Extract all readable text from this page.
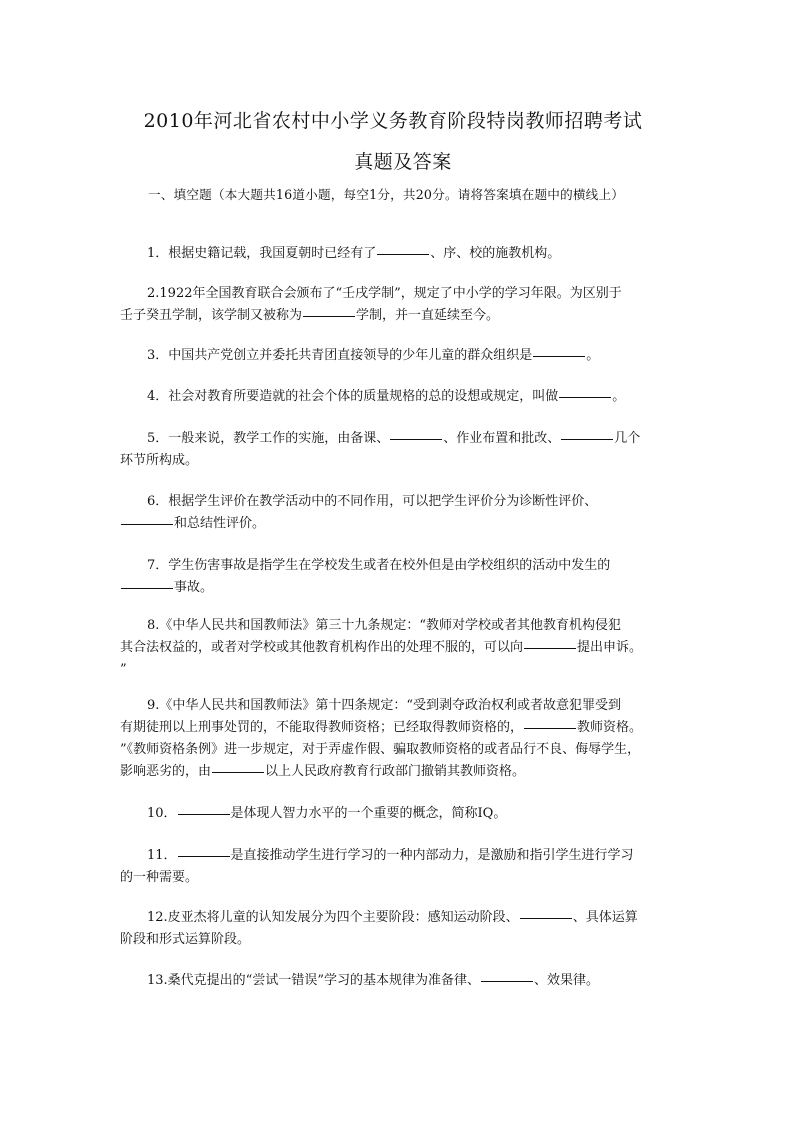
2010年河北省农村中小学义务教育阶段特岗教师招聘考试
真题及答案
一、填空题（本大题共16道小题，每空1分，共20分。请将答案填在题中的横线上）
1．根据史籍记载，我国夏朝时已经有了	、序、校的施教机构。
2.1922年全国教育联合会颁布了“壬戌学制”，规定了中小学的学习年限。为区别于
壬子癸丑学制，该学制又被称为	学制，并一直延续至今。
3．中国共产党创立并委托共青团直接领导的少年儿童的群众组织是	。
4．社会对教育所要造就的社会个体的质量规格的总的设想或规定，叫做	。
5．一般来说，教学工作的实施，由备课、	、作业布置和批改、	几个
环节所构成。
6．根据学生评价在教学活动中的不同作用，可以把学生评价分为诊断性评价、
和总结性评价。
7．学生伤害事故是指学生在学校发生或者在校外但是由学校组织的活动中发生的
事故。
8.《中华人民共和国教师法》第三十九条规定：“教师对学校或者其他教育机构侵犯
其合法权益的，或者对学校或其他教育机构作出的处理不服的，可以向	提出申诉。
”
9.《中华人民共和国教师法》第十四条规定：“受到剥夺政治权利或者故意犯罪受到
有期徒刑以上刑事处罚的，不能取得教师资格；已经取得教师资格的，	教师资格。
”《教师资格条例》进一步规定，对于弄虚作假、骗取教师资格的或者品行不良、侮辱学生，
影响恶劣的，由	以上人民政府教育行政部门撤销其教师资格。
10．	是体现人智力水平的一个重要的概念，简称IQ。
11．	是直接推动学生进行学习的一种内部动力，是激励和指引学生进行学习
的一种需要。
12.皮亚杰将儿童的认知发展分为四个主要阶段：感知运动阶段、	、具体运算
阶段和形式运算阶段。
13.桑代克提出的“尝试一错误”学习的基本规律为准备律、	、效果律。
